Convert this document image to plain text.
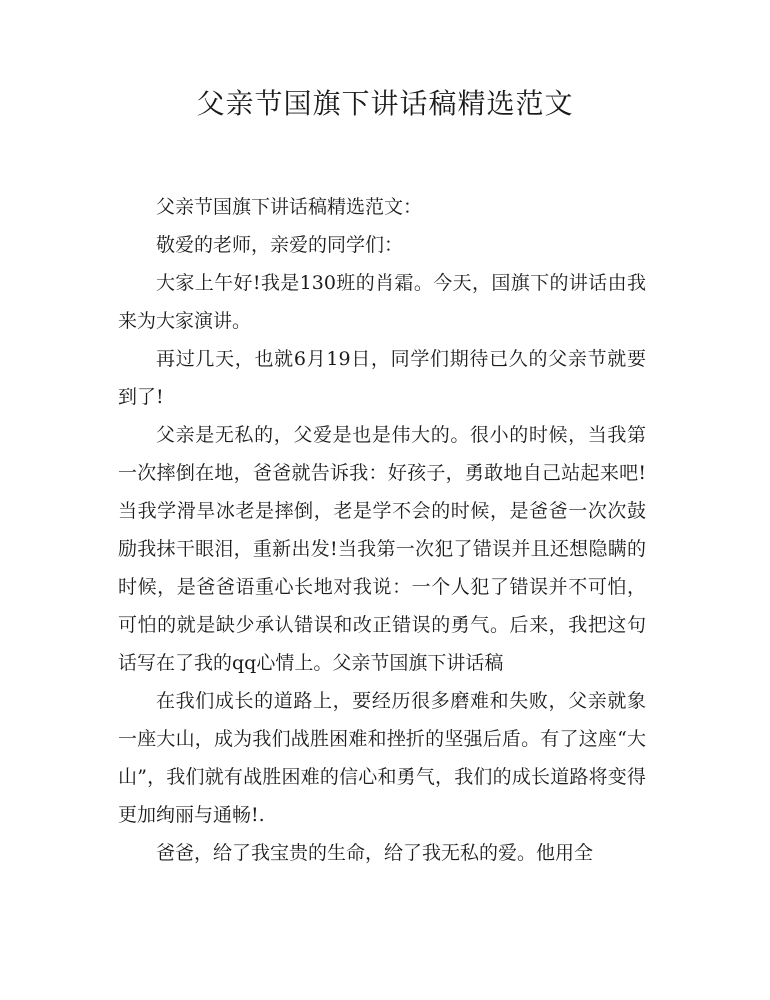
父亲节国旗下讲话稿精选范文

父亲节国旗下讲话稿精选范文：

敬爱的老师，亲爱的同学们：

大家上午好!我是130班的肖霜。今天，国旗下的讲话由我来为大家演讲。

再过几天，也就6月19日，同学们期待已久的父亲节就要到了!

父亲是无私的，父爱是也是伟大的。很小的时候，当我第一次摔倒在地，爸爸就告诉我：好孩子，勇敢地自己站起来吧!当我学滑旱冰老是摔倒，老是学不会的时候，是爸爸一次次鼓励我抹干眼泪，重新出发!当我第一次犯了错误并且还想隐瞒的时候，是爸爸语重心长地对我说：一个人犯了错误并不可怕，可怕的就是缺少承认错误和改正错误的勇气。后来，我把这句话写在了我的qq心情上。父亲节国旗下讲话稿

在我们成长的道路上，要经历很多磨难和失败，父亲就象一座大山，成为我们战胜困难和挫折的坚强后盾。有了这座“大山”，我们就有战胜困难的信心和勇气，我们的成长道路将变得更加绚丽与通畅!.

爸爸，给了我宝贵的生命，给了我无私的爱。他用全
